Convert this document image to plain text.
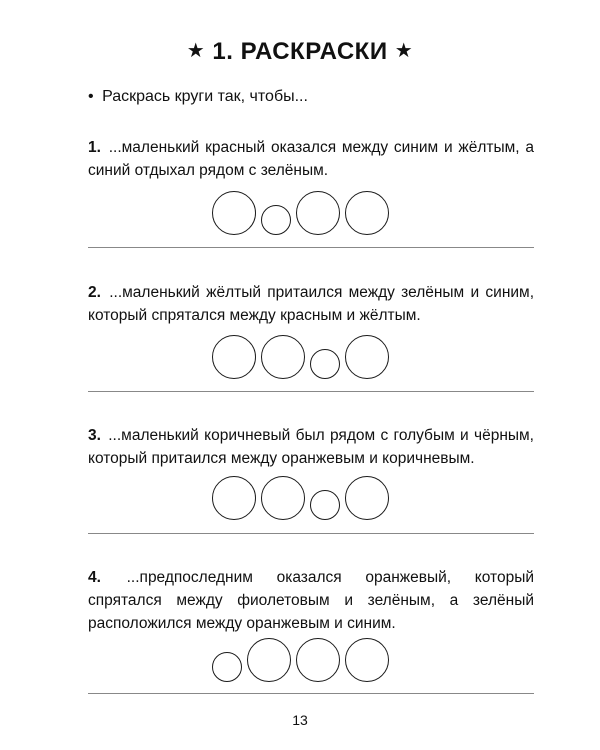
★ 1. РАСКРАСКИ ★
• Раскрась круги так, чтобы...
1. ...маленький красный оказался между синим и жёлтым, а синий отдыхал рядом с зелёным.
2. ...маленький жёлтый притаился между зелёным и синим, который спрятался между красным и жёлтым.
3. ...маленький коричневый был рядом с голубым и чёрным, который притаился между оранжевым и коричневым.
4. ...предпоследним оказался оранжевый, который спрятался между фиолетовым и зелёным, а зелёный расположился между оранжевым и синим.
13
